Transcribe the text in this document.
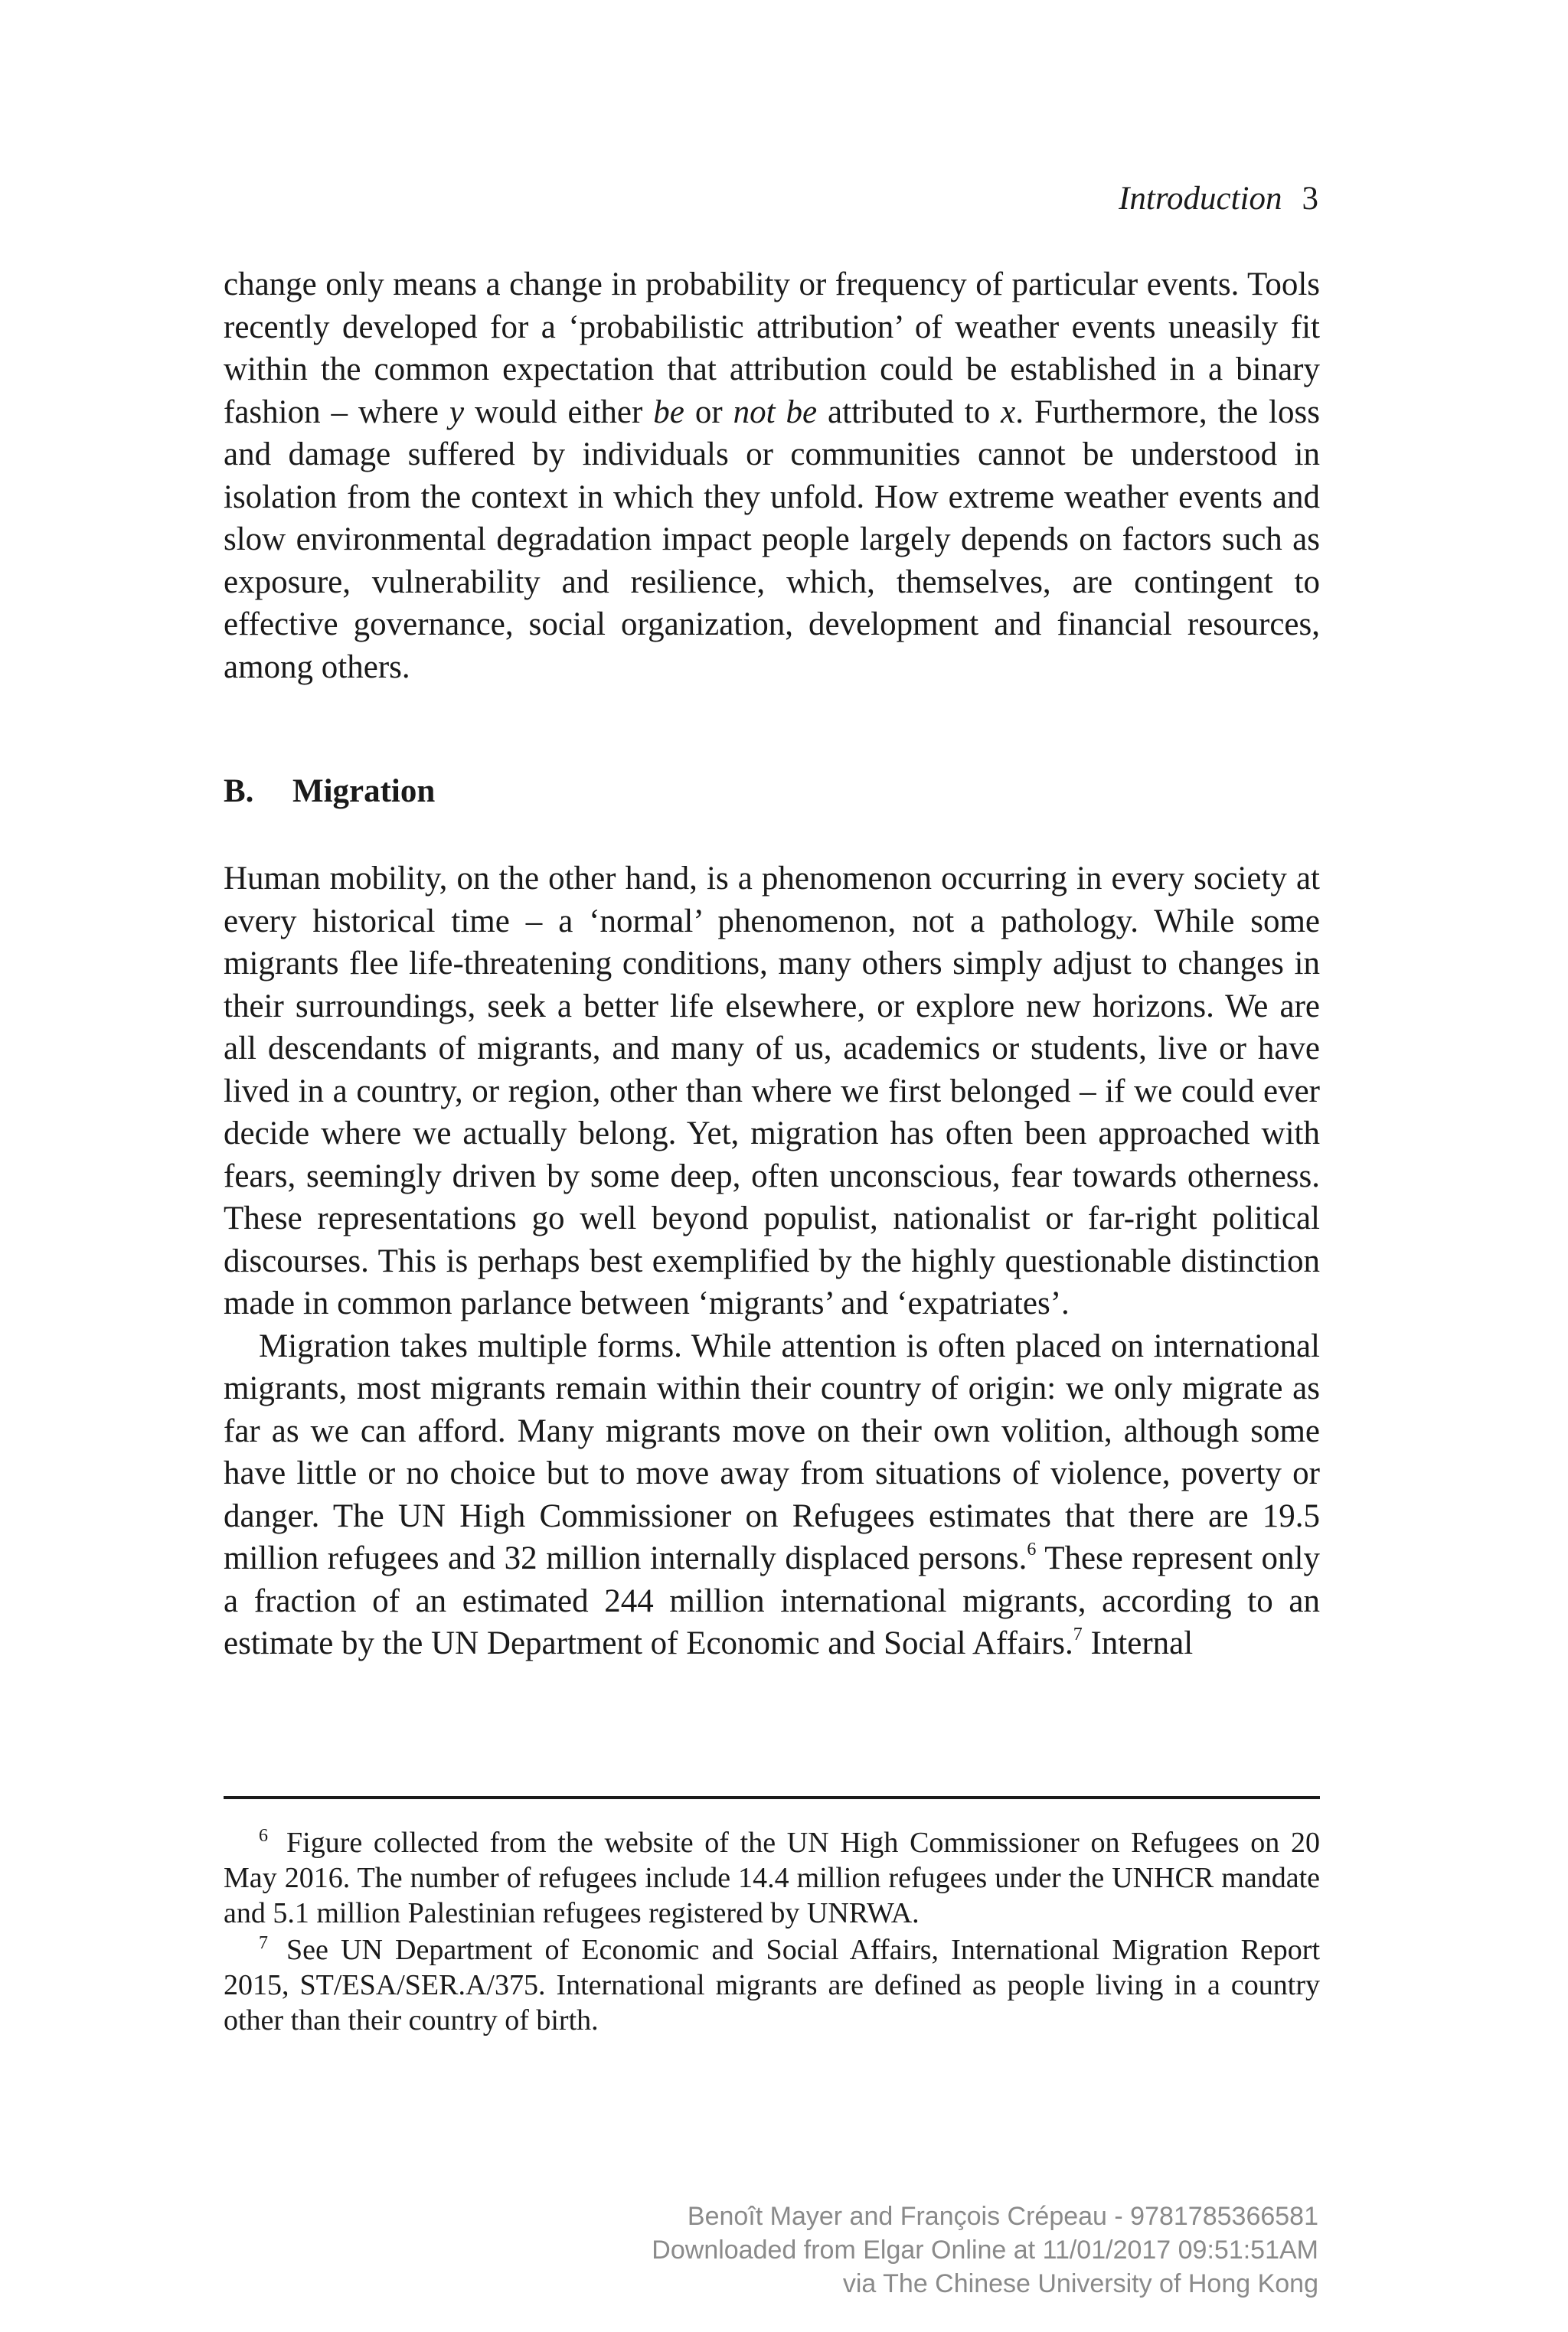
Introduction 3

change only means a change in probability or frequency of particular events. Tools recently developed for a ‘probabilistic attribution’ of weather events uneasily fit within the common expectation that attribution could be established in a binary fashion – where y would either be or not be attributed to x. Furthermore, the loss and damage suffered by individuals or communities cannot be understood in isolation from the context in which they unfold. How extreme weather events and slow environmental degradation impact people largely depends on factors such as exposure, vulnerability and resilience, which, themselves, are contingent to effective governance, social organization, development and financial resources, among others.

B. Migration

Human mobility, on the other hand, is a phenomenon occurring in every society at every historical time – a ‘normal’ phenomenon, not a pathology. While some migrants flee life-threatening conditions, many others simply adjust to changes in their surroundings, seek a better life elsewhere, or explore new horizons. We are all descendants of migrants, and many of us, academics or students, live or have lived in a country, or region, other than where we first belonged – if we could ever decide where we actually belong. Yet, migration has often been approached with fears, seemingly driven by some deep, often unconscious, fear towards otherness. These representations go well beyond populist, nationalist or far-right political discourses. This is perhaps best exemplified by the highly questionable distinction made in common parlance between ‘migrants’ and ‘expatriates’.

Migration takes multiple forms. While attention is often placed on international migrants, most migrants remain within their country of origin: we only migrate as far as we can afford. Many migrants move on their own volition, although some have little or no choice but to move away from situations of violence, poverty or danger. The UN High Commissioner on Refugees estimates that there are 19.5 million refugees and 32 million internally displaced persons.$^6$ These represent only a fraction of an estimated 244 million international migrants, according to an estimate by the UN Department of Economic and Social Affairs.$^7$ Internal

$^6$ Figure collected from the website of the UN High Commissioner on Refugees on 20 May 2016. The number of refugees include 14.4 million refugees under the UNHCR mandate and 5.1 million Palestinian refugees registered by UNRWA.

$^7$ See UN Department of Economic and Social Affairs, International Migration Report 2015, ST/ESA/SER.A/375. International migrants are defined as people living in a country other than their country of birth.

Benoît Mayer and François Crépeau - 9781785366581
Downloaded from Elgar Online at 11/01/2017 09:51:51AM
via The Chinese University of Hong Kong
